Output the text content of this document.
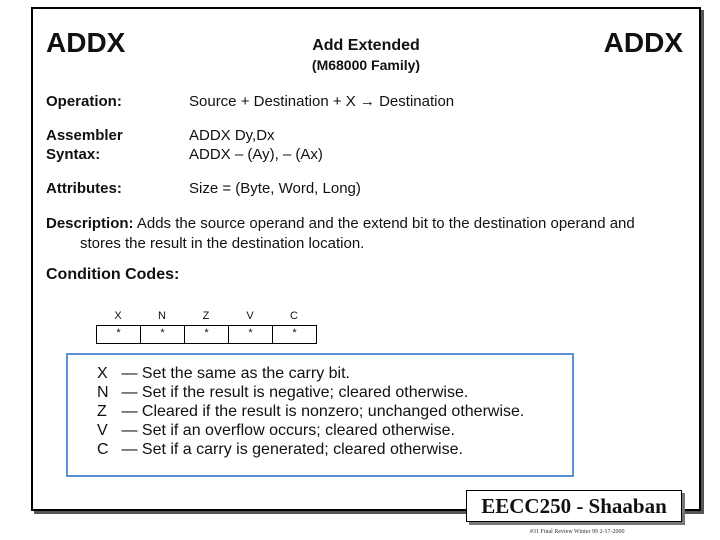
ADDX	Add Extended
(M68000 Family)
ADDX
Operation:	Source + Destination + X → Destination
Assembler	ADDX Dy,Dx
Syntax:	ADDX – (Ay), – (Ax)
Attributes:	Size = (Byte, Word, Long)
Description: Adds the source operand and the extend bit to the destination operand and
stores the result in the destination location.
Condition Codes:
X	N	Z	V	C
*	*	*	*	*
X — Set the same as the carry bit.
N — Set if the result is negative; cleared otherwise.
Z — Cleared if the result is nonzero; unchanged otherwise.
V — Set if an overflow occurs; cleared otherwise.
C — Set if a carry is generated; cleared otherwise.
EECC250 - Shaaban
#31 Final Review Winter 99 2-17-2000
